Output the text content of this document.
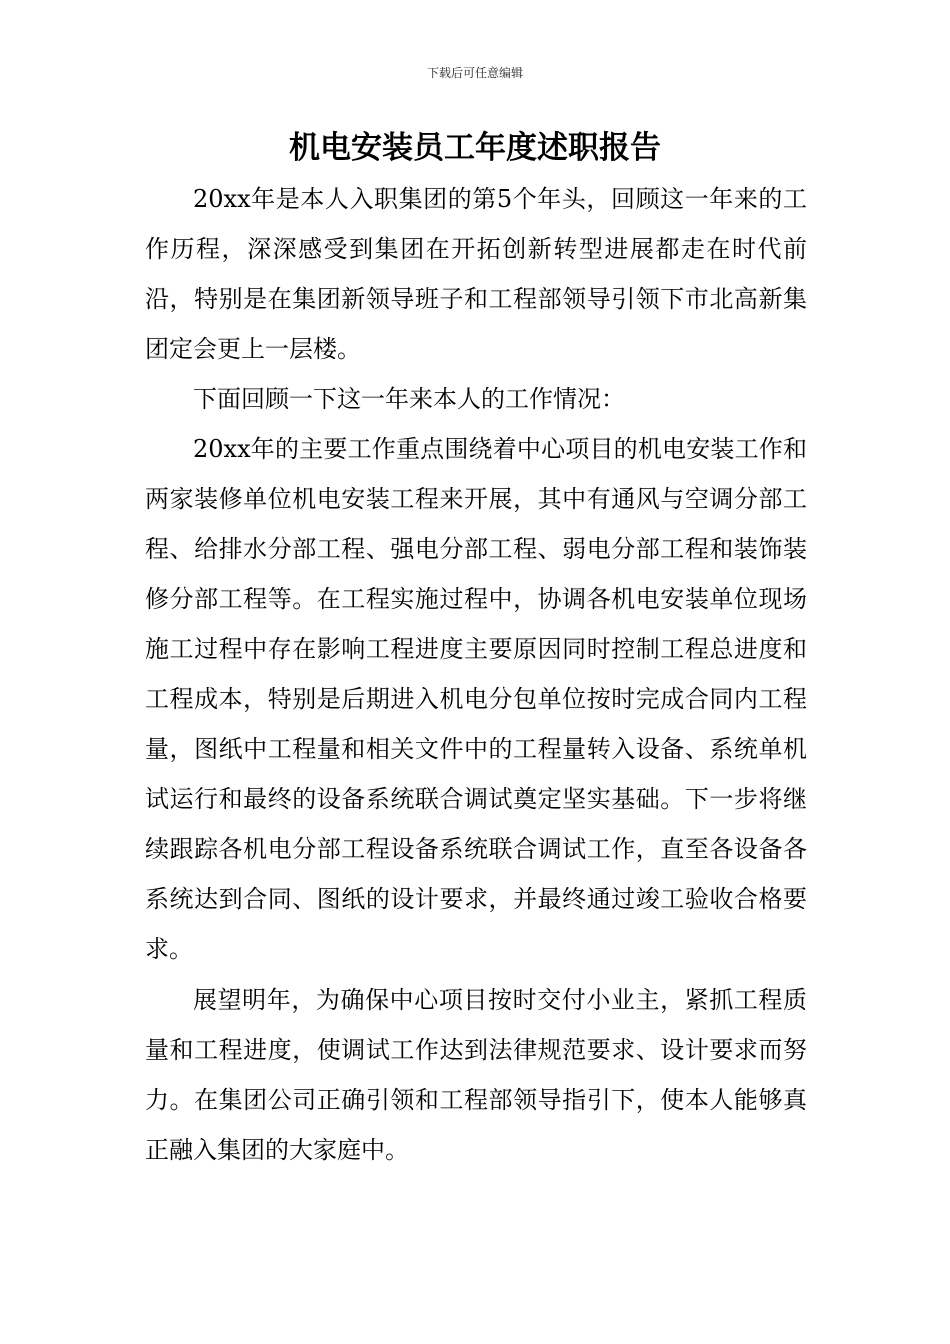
下载后可任意编辑
机电安装员工年度述职报告

20xx年是本人入职集团的第5个年头，回顾这一年来的工作历程，深深感受到集团在开拓创新转型进展都走在时代前沿，特别是在集团新领导班子和工程部领导引领下市北高新集团定会更上一层楼。

下面回顾一下这一年来本人的工作情况：

20xx年的主要工作重点围绕着中心项目的机电安装工作和两家装修单位机电安装工程来开展，其中有通风与空调分部工程、给排水分部工程、强电分部工程、弱电分部工程和装饰装修分部工程等。在工程实施过程中，协调各机电安装单位现场施工过程中存在影响工程进度主要原因同时控制工程总进度和工程成本，特别是后期进入机电分包单位按时完成合同内工程量，图纸中工程量和相关文件中的工程量转入设备、系统单机试运行和最终的设备系统联合调试奠定坚实基础。下一步将继续跟踪各机电分部工程设备系统联合调试工作，直至各设备各系统达到合同、图纸的设计要求，并最终通过竣工验收合格要求。

展望明年，为确保中心项目按时交付小业主，紧抓工程质量和工程进度，使调试工作达到法律规范要求、设计要求而努力。在集团公司正确引领和工程部领导指引下，使本人能够真正融入集团的大家庭中。
